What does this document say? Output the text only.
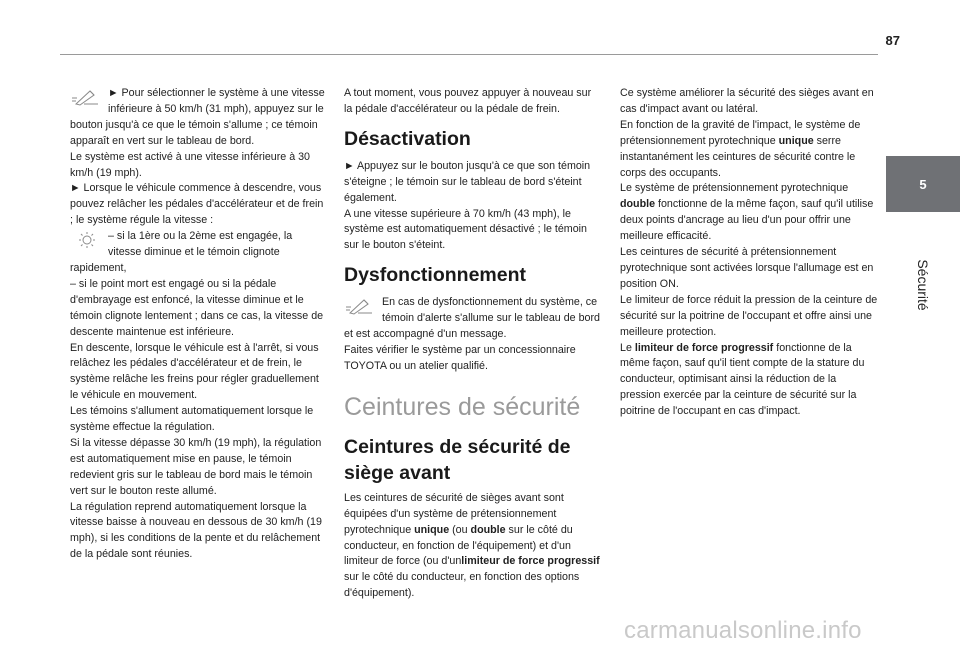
87
5
Sécurité

► Pour sélectionner le système à une vitesse inférieure à 50 km/h (31 mph), appuyez sur le bouton jusqu'à ce que le témoin s'allume ; ce témoin apparaît en vert sur le tableau de bord.

Le système est activé à une vitesse inférieure à 30 km/h (19 mph).

► Lorsque le véhicule commence à descendre, vous pouvez relâcher les pédales d'accélérateur et de frein ; le système régule la vitesse :

– si la 1ère ou la 2ème est engagée, la vitesse diminue et le témoin clignote rapidement,

– si le point mort est engagé ou si la pédale d'embrayage est enfoncé, la vitesse diminue et le témoin clignote lentement ; dans ce cas, la vitesse de descente maintenue est inférieure.

En descente, lorsque le véhicule est à l'arrêt, si vous relâchez les pédales d'accélérateur et de frein, le système relâche les freins pour régler graduellement le véhicule en mouvement.

Les témoins s'allument automatiquement lorsque le système effectue la régulation.

Si la vitesse dépasse 30 km/h (19 mph), la régulation est automatiquement mise en pause, le témoin redevient gris sur le tableau de bord mais le témoin vert sur le bouton reste allumé.

La régulation reprend automatiquement lorsque la vitesse baisse à nouveau en dessous de 30 km/h (19 mph), si les conditions de la pente et du relâchement de la pédale sont réunies.

A tout moment, vous pouvez appuyer à nouveau sur la pédale d'accélérateur ou la pédale de frein.

Désactivation

► Appuyez sur le bouton jusqu'à ce que son témoin s'éteigne ; le témoin sur le tableau de bord s'éteint également.

A une vitesse supérieure à 70 km/h (43 mph), le système est automatiquement désactivé ; le témoin sur le bouton s'éteint.

Dysfonctionnement

En cas de dysfonctionnement du système, ce témoin d'alerte s'allume sur le tableau de bord et est accompagné d'un message.

Faites vérifier le système par un concessionnaire TOYOTA ou un atelier qualifié.

Ceintures de sécurité
Ceintures de sécurité de siège avant

Les ceintures de sécurité de sièges avant sont équipées d'un système de prétensionnement pyrotechnique unique (ou double sur le côté du conducteur, en fonction de l'équipement) et d'un limiteur de force (ou d'unlimiteur de force progressif sur le côté du conducteur, en fonction des options d'équipement).

Ce système améliorer la sécurité des sièges avant en cas d'impact avant ou latéral.

En fonction de la gravité de l'impact, le système de prétensionnement pyrotechnique unique serre instantanément les ceintures de sécurité contre le corps des occupants.

Le système de prétensionnement pyrotechnique double fonctionne de la même façon, sauf qu'il utilise deux points d'ancrage au lieu d'un pour offrir une meilleure efficacité.

Les ceintures de sécurité à prétensionnement pyrotechnique sont activées lorsque l'allumage est en position ON.

Le limiteur de force réduit la pression de la ceinture de sécurité sur la poitrine de l'occupant et offre ainsi une meilleure protection.

Le limiteur de force progressif fonctionne de la même façon, sauf qu'il tient compte de la stature du conducteur, optimisant ainsi la réduction de la pression exercée par la ceinture de sécurité sur la poitrine de l'occupant en cas d'impact.

carmanualsonline.info
